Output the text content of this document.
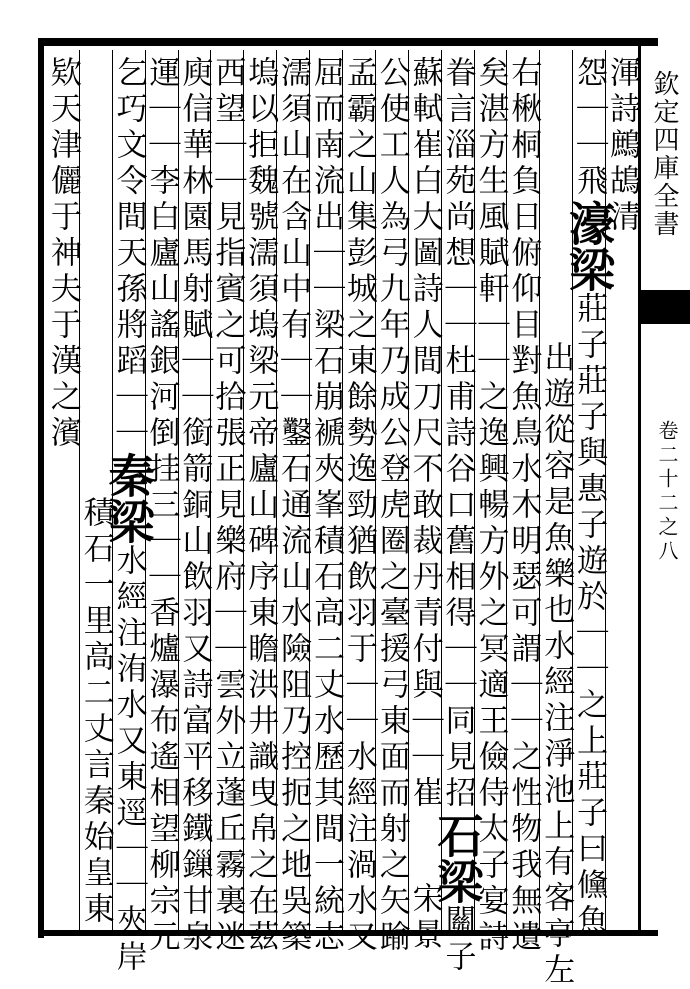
欽定四庫全書
卷二十二之八
渾詩鷓鴣清
怨｜｜飛濠梁莊子莊子與惠子遊於｜｜之上莊子曰儵魚
出遊從容是魚樂也水經注淨池上有客亭左
右楸桐負日俯仰目對魚鳥水木明瑟可謂｜｜之性物我無遺
矣湛方生風賦軒｜｜之逸興暢方外之冥適王儉侍太子宴詩
眷言淄苑尚想｜｜杜甫詩谷口舊相得｜｜同見招石梁關子
蘇軾崔白大圖詩人間刀尺不敢裁丹青付與｜｜崔宋景
公使工人為弓九年乃成公登虎圈之臺援弓東面而射之矢踰
孟霸之山集彭城之東餘勢逸勁猶飲羽于｜｜水經注渦水又
屈而南流出｜｜梁石崩褫夾峯積石高二丈水歷其間一統志
濡須山在含山中有｜｜鑿石通流山水險阻乃控扼之地吳築
塢以拒魏號濡須塢梁元帝廬山碑序東瞻洪井識曳帛之在茲
西望｜｜見指賓之可拾張正見樂府｜｜雲外立蓬丘霧裏迷
庾信華林園馬射賦｜｜銜箭銅山飲羽又詩富平移鐵鏁甘泉
運｜｜李白廬山謠銀河倒挂三｜｜香爐瀑布遙相望柳宗元
乞巧文令間天孫將蹈｜｜秦梁水經注洧水又東逕｜｜夾岸
積石一里高二丈言秦始皇東
欵天津儷于神夫于漢之濱
